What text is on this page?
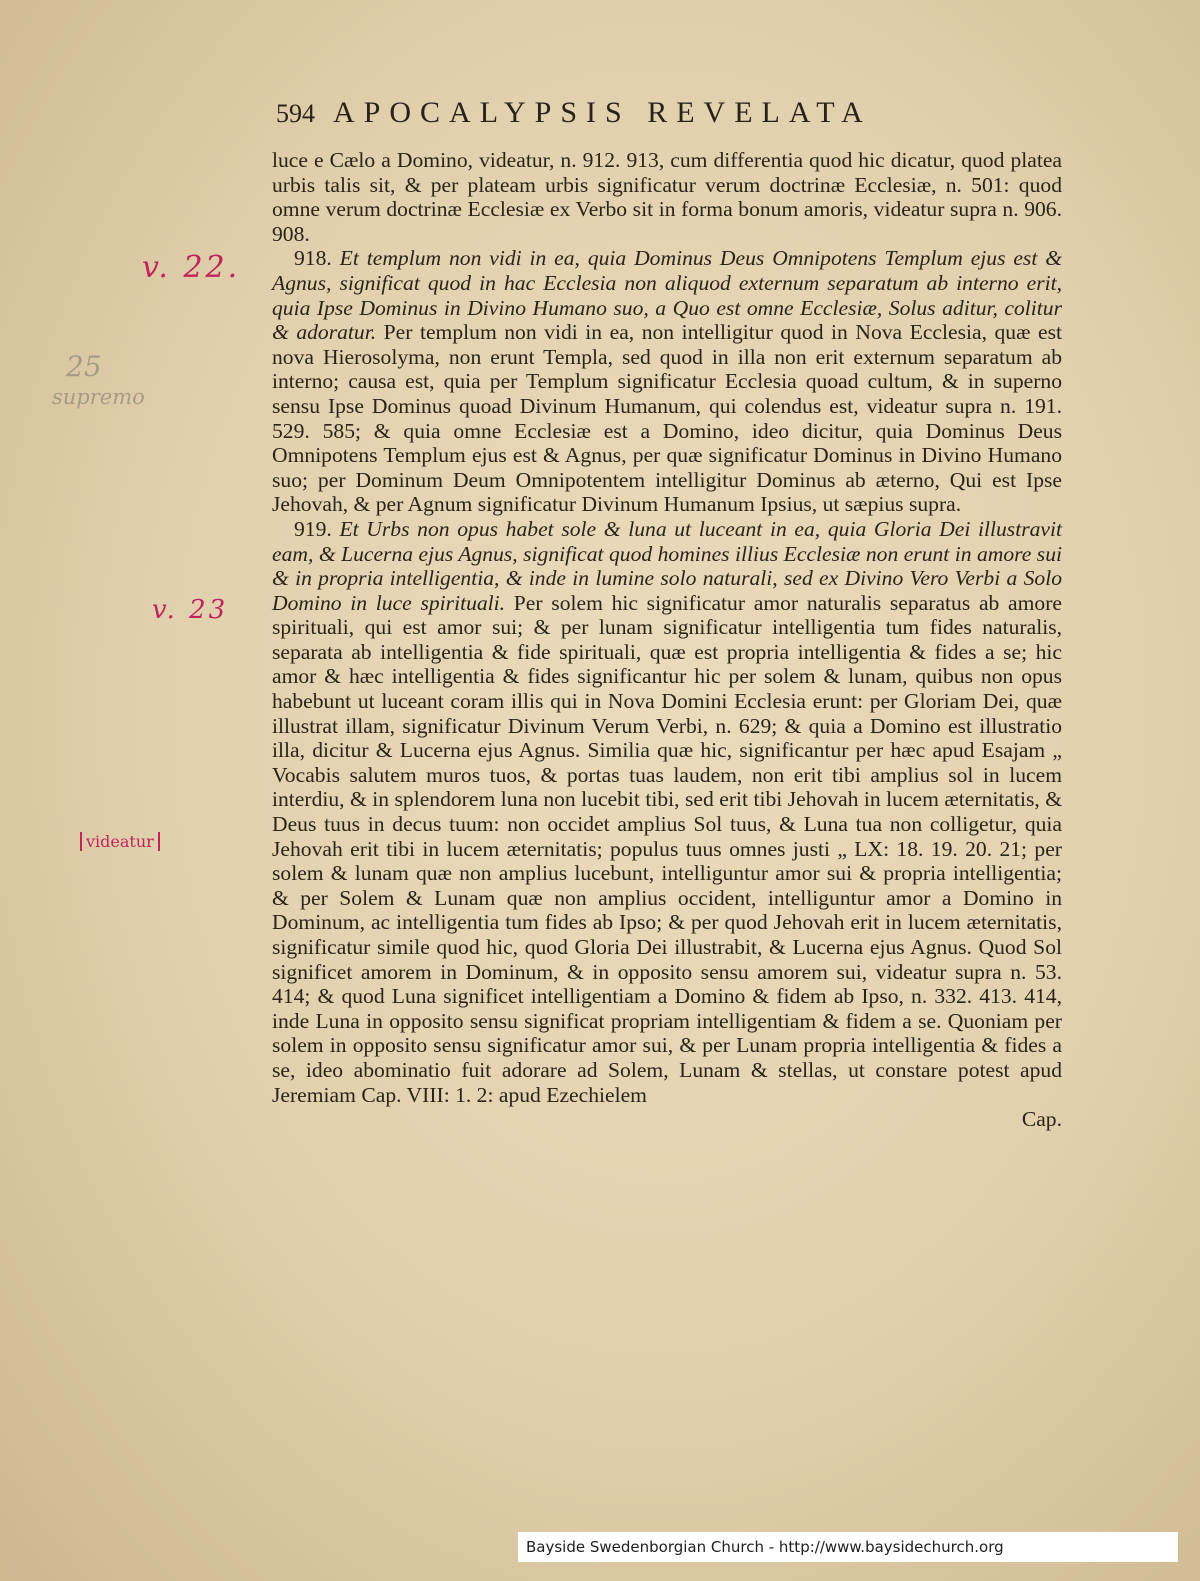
594 APOCALYPSIS REVELATA
v. 22.
25
supremo
v. 23
videatur

luce e Cælo a Domino, videatur, n. 912. 913, cum differentia quod hic dicatur, quod platea urbis talis sit, & per plateam urbis significatur verum doctrinæ Ecclesiæ, n. 501: quod omne verum doctrinæ Ecclesiæ ex Verbo sit in forma bonum amoris, videatur supra n. 906. 908.

918. Et templum non vidi in ea, quia Dominus Deus Omnipotens Templum ejus est & Agnus, significat quod in hac Ecclesia non aliquod externum separatum ab interno erit, quia Ipse Dominus in Divino Humano suo, a Quo est omne Ecclesiæ, Solus aditur, colitur & adoratur. Per templum non vidi in ea, non intelligitur quod in Nova Ecclesia, quæ est nova Hierosolyma, non erunt Templa, sed quod in illa non erit externum separatum ab interno; causa est, quia per Templum significatur Ecclesia quoad cultum, & in superno sensu Ipse Dominus quoad Divinum Humanum, qui colendus est, videatur supra n. 191. 529. 585; & quia omne Ecclesiæ est a Domino, ideo dicitur, quia Dominus Deus Omnipotens Templum ejus est & Agnus, per quæ significatur Dominus in Divino Humano suo; per Dominum Deum Omnipotentem intelligitur Dominus ab æterno, Qui est Ipse Jehovah, & per Agnum significatur Divinum Humanum Ipsius, ut sæpius supra.

919. Et Urbs non opus habet sole & luna ut luceant in ea, quia Gloria Dei illustravit eam, & Lucerna ejus Agnus, significat quod homines illius Ecclesiæ non erunt in amore sui & in propria intelligentia, & inde in lumine solo naturali, sed ex Divino Vero Verbi a Solo Domino in luce spirituali. Per solem hic significatur amor naturalis separatus ab amore spirituali, qui est amor sui; & per lunam significatur intelligentia tum fides naturalis, separata ab intelligentia & fide spirituali, quæ est propria intelligentia & fides a se; hic amor & hæc intelligentia & fides significantur hic per solem & lunam, quibus non opus habebunt ut luceant coram illis qui in Nova Domini Ecclesia erunt: per Gloriam Dei, quæ illustrat illam, significatur Divinum Verum Verbi, n. 629; & quia a Domino est illustratio illa, dicitur & Lucerna ejus Agnus. Similia quæ hic, significantur per hæc apud Esajam „ Vocabis salutem muros tuos, & portas tuas laudem, non erit tibi amplius sol in lucem interdiu, & in splendorem luna non lucebit tibi, sed erit tibi Jehovah in lucem æternitatis, & Deus tuus in decus tuum: non occidet amplius Sol tuus, & Luna tua non colligetur, quia Jehovah erit tibi in lucem æternitatis; populus tuus omnes justi „ LX: 18. 19. 20. 21; per solem & lunam quæ non amplius lucebunt, intelliguntur amor sui & propria intelligentia; & per Solem & Lunam quæ non amplius occident, intelliguntur amor a Domino in Dominum, ac intelligentia tum fides ab Ipso; & per quod Jehovah erit in lucem æternitatis, significatur simile quod hic, quod Gloria Dei illustrabit, & Lucerna ejus Agnus. Quod Sol significet amorem in Dominum, & in opposito sensu amorem sui, videatur supra n. 53. 414; & quod Luna significet intelligentiam a Domino & fidem ab Ipso, n. 332. 413. 414, inde Luna in opposito sensu significat propriam intelligentiam & fidem a se. Quoniam per solem in opposito sensu significatur amor sui, & per Lunam propria intelligentia & fides a se, ideo abominatio fuit adorare ad Solem, Lunam & stellas, ut constare potest apud Jeremiam Cap. VIII: 1. 2: apud Ezechielem

Cap.
Bayside Swedenborgian Church - http://www.baysidechurch.org
